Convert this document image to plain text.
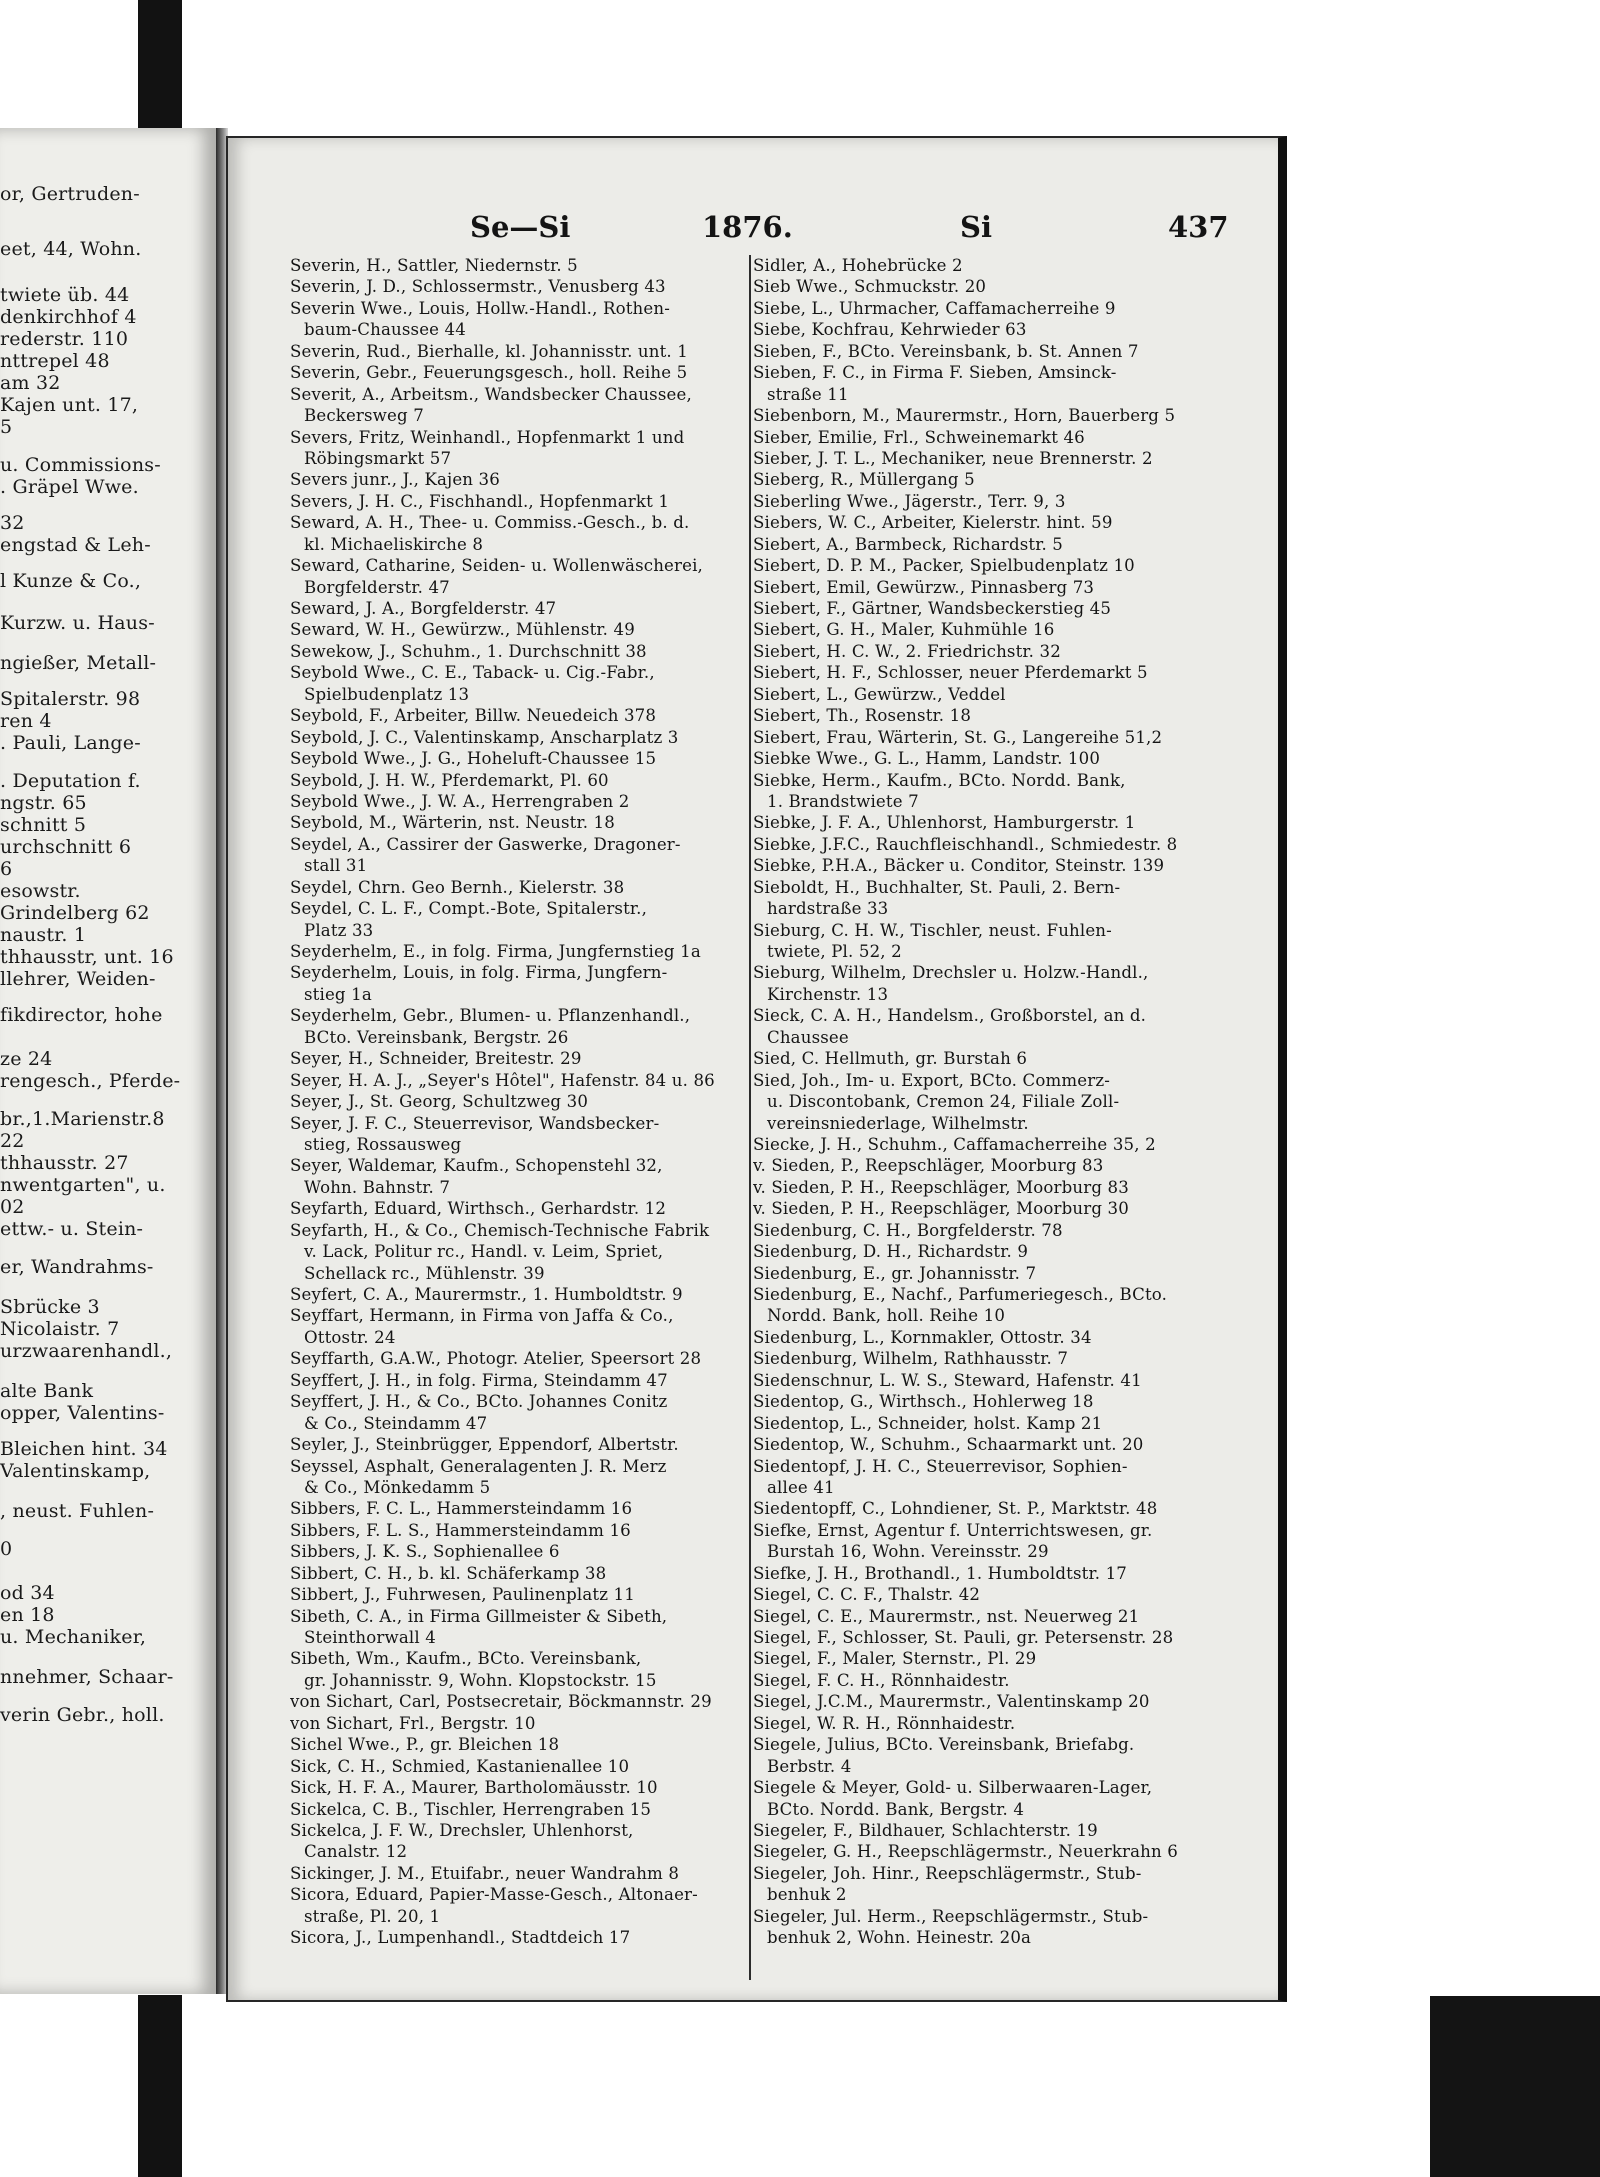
or, Gertruden-
eet, 44, Wohn.
twiete üb. 44
denkirchhof 4
rederstr. 110
nttrepel 48
am 32
Kajen unt. 17,
5
u. Commissions-
. Gräpel Wwe.
32
engstad & Leh-
l Kunze & Co.,
Kurzw. u. Haus-
ngießer, Metall-
Spitalerstr. 98
ren 4
. Pauli, Lange-
. Deputation f.
ngstr. 65
schnitt 5
urchschnitt 6
6
esowstr.
Grindelberg 62
naustr. 1
thhausstr, unt. 16
llehrer, Weiden-
fikdirector, hohe
ze 24
rengesch., Pferde-
br.,1.Marienstr.8
22
thhausstr. 27
nwentgarten", u.
02
ettw.- u. Stein-
er, Wandrahms-
Sbrücke 3
Nicolaistr. 7
urzwaarenhandl.,
alte Bank
opper, Valentins-
Bleichen hint. 34
Valentinskamp,
, neust. Fuhlen-
0
od 34
en 18
u. Mechaniker,
nnehmer, Schaar-
verin Gebr., holl.
Se—Si	1876.	Si	437
Severin, H., Sattler, Niedernstr. 5
Severin, J. D., Schlossermstr., Venusberg 43
Severin Wwe., Louis, Hollw.-Handl., Rothen-
baum-Chaussee 44
Severin, Rud., Bierhalle, kl. Johannisstr. unt. 1
Severin, Gebr., Feuerungsgesch., holl. Reihe 5
Severit, A., Arbeitsm., Wandsbecker Chaussee,
Beckersweg 7
Severs, Fritz, Weinhandl., Hopfenmarkt 1 und
Röbingsmarkt 57
Severs junr., J., Kajen 36
Severs, J. H. C., Fischhandl., Hopfenmarkt 1
Seward, A. H., Thee- u. Commiss.-Gesch., b. d.
kl. Michaeliskirche 8
Seward, Catharine, Seiden- u. Wollenwäscherei,
Borgfelderstr. 47
Seward, J. A., Borgfelderstr. 47
Seward, W. H., Gewürzw., Mühlenstr. 49
Sewekow, J., Schuhm., 1. Durchschnitt 38
Seybold Wwe., C. E., Taback- u. Cig.-Fabr.,
Spielbudenplatz 13
Seybold, F., Arbeiter, Billw. Neuedeich 378
Seybold, J. C., Valentinskamp, Anscharplatz 3
Seybold Wwe., J. G., Hoheluft-Chaussee 15
Seybold, J. H. W., Pferdemarkt, Pl. 60
Seybold Wwe., J. W. A., Herrengraben 2
Seybold, M., Wärterin, nst. Neustr. 18
Seydel, A., Cassirer der Gaswerke, Dragoner-
stall 31
Seydel, Chrn. Geo Bernh., Kielerstr. 38
Seydel, C. L. F., Compt.-Bote, Spitalerstr.,
Platz 33
Seyderhelm, E., in folg. Firma, Jungfernstieg 1a
Seyderhelm, Louis, in folg. Firma, Jungfern-
stieg 1a
Seyderhelm, Gebr., Blumen- u. Pflanzenhandl.,
BCto. Vereinsbank, Bergstr. 26
Seyer, H., Schneider, Breitestr. 29
Seyer, H. A. J., „Seyer's Hôtel", Hafenstr. 84 u. 86
Seyer, J., St. Georg, Schultzweg 30
Seyer, J. F. C., Steuerrevisor, Wandsbecker-
stieg, Rossausweg
Seyer, Waldemar, Kaufm., Schopenstehl 32,
Wohn. Bahnstr. 7
Seyfarth, Eduard, Wirthsch., Gerhardstr. 12
Seyfarth, H., & Co., Chemisch-Technische Fabrik
v. Lack, Politur rc., Handl. v. Leim, Spriet,
Schellack rc., Mühlenstr. 39
Seyfert, C. A., Maurermstr., 1. Humboldtstr. 9
Seyffart, Hermann, in Firma von Jaffa & Co.,
Ottostr. 24
Seyffarth, G.A.W., Photogr. Atelier, Speersort 28
Seyffert, J. H., in folg. Firma, Steindamm 47
Seyffert, J. H., & Co., BCto. Johannes Conitz
& Co., Steindamm 47
Seyler, J., Steinbrügger, Eppendorf, Albertstr.
Seyssel, Asphalt, Generalagenten J. R. Merz
& Co., Mönkedamm 5
Sibbers, F. C. L., Hammersteindamm 16
Sibbers, F. L. S., Hammersteindamm 16
Sibbers, J. K. S., Sophienallee 6
Sibbert, C. H., b. kl. Schäferkamp 38
Sibbert, J., Fuhrwesen, Paulinenplatz 11
Sibeth, C. A., in Firma Gillmeister & Sibeth,
Steinthorwall 4
Sibeth, Wm., Kaufm., BCto. Vereinsbank,
gr. Johannisstr. 9, Wohn. Klopstockstr. 15
von Sichart, Carl, Postsecretair, Böckmannstr. 29
von Sichart, Frl., Bergstr. 10
Sichel Wwe., P., gr. Bleichen 18
Sick, C. H., Schmied, Kastanienallee 10
Sick, H. F. A., Maurer, Bartholomäusstr. 10
Sickelca, C. B., Tischler, Herrengraben 15
Sickelca, J. F. W., Drechsler, Uhlenhorst,
Canalstr. 12
Sickinger, J. M., Etuifabr., neuer Wandrahm 8
Sicora, Eduard, Papier-Masse-Gesch., Altonaer-
straße, Pl. 20, 1
Sicora, J., Lumpenhandl., Stadtdeich 17
Sidler, A., Hohebrücke 2
Sieb Wwe., Schmuckstr. 20
Siebe, L., Uhrmacher, Caffamacherreihe 9
Siebe, Kochfrau, Kehrwieder 63
Sieben, F., BCto. Vereinsbank, b. St. Annen 7
Sieben, F. C., in Firma F. Sieben, Amsinck-
straße 11
Siebenborn, M., Maurermstr., Horn, Bauerberg 5
Sieber, Emilie, Frl., Schweinemarkt 46
Sieber, J. T. L., Mechaniker, neue Brennerstr. 2
Sieberg, R., Müllergang 5
Sieberling Wwe., Jägerstr., Terr. 9, 3
Siebers, W. C., Arbeiter, Kielerstr. hint. 59
Siebert, A., Barmbeck, Richardstr. 5
Siebert, D. P. M., Packer, Spielbudenplatz 10
Siebert, Emil, Gewürzw., Pinnasberg 73
Siebert, F., Gärtner, Wandsbeckerstieg 45
Siebert, G. H., Maler, Kuhmühle 16
Siebert, H. C. W., 2. Friedrichstr. 32
Siebert, H. F., Schlosser, neuer Pferdemarkt 5
Siebert, L., Gewürzw., Veddel
Siebert, Th., Rosenstr. 18
Siebert, Frau, Wärterin, St. G., Langereihe 51,2
Siebke Wwe., G. L., Hamm, Landstr. 100
Siebke, Herm., Kaufm., BCto. Nordd. Bank,
1. Brandstwiete 7
Siebke, J. F. A., Uhlenhorst, Hamburgerstr. 1
Siebke, J.F.C., Rauchfleischhandl., Schmiedestr. 8
Siebke, P.H.A., Bäcker u. Conditor, Steinstr. 139
Sieboldt, H., Buchhalter, St. Pauli, 2. Bern-
hardstraße 33
Sieburg, C. H. W., Tischler, neust. Fuhlen-
twiete, Pl. 52, 2
Sieburg, Wilhelm, Drechsler u. Holzw.-Handl.,
Kirchenstr. 13
Sieck, C. A. H., Handelsm., Großborstel, an d.
Chaussee
Sied, C. Hellmuth, gr. Burstah 6
Sied, Joh., Im- u. Export, BCto. Commerz-
u. Discontobank, Cremon 24, Filiale Zoll-
vereinsniederlage, Wilhelmstr.
Siecke, J. H., Schuhm., Caffamacherreihe 35, 2
v. Sieden, P., Reepschläger, Moorburg 83
v. Sieden, P. H., Reepschläger, Moorburg 83
v. Sieden, P. H., Reepschläger, Moorburg 30
Siedenburg, C. H., Borgfelderstr. 78
Siedenburg, D. H., Richardstr. 9
Siedenburg, E., gr. Johannisstr. 7
Siedenburg, E., Nachf., Parfumeriegesch., BCto.
Nordd. Bank, holl. Reihe 10
Siedenburg, L., Kornmakler, Ottostr. 34
Siedenburg, Wilhelm, Rathhausstr. 7
Siedenschnur, L. W. S., Steward, Hafenstr. 41
Siedentop, G., Wirthsch., Hohlerweg 18
Siedentop, L., Schneider, holst. Kamp 21
Siedentop, W., Schuhm., Schaarmarkt unt. 20
Siedentopf, J. H. C., Steuerrevisor, Sophien-
allee 41
Siedentopff, C., Lohndiener, St. P., Marktstr. 48
Siefke, Ernst, Agentur f. Unterrichtswesen, gr.
Burstah 16, Wohn. Vereinsstr. 29
Siefke, J. H., Brothandl., 1. Humboldtstr. 17
Siegel, C. C. F., Thalstr. 42
Siegel, C. E., Maurermstr., nst. Neuerweg 21
Siegel, F., Schlosser, St. Pauli, gr. Petersenstr. 28
Siegel, F., Maler, Sternstr., Pl. 29
Siegel, F. C. H., Rönnhaidestr.
Siegel, J.C.M., Maurermstr., Valentinskamp 20
Siegel, W. R. H., Rönnhaidestr.
Siegele, Julius, BCto. Vereinsbank, Briefabg.
Berbstr. 4
Siegele & Meyer, Gold- u. Silberwaaren-Lager,
BCto. Nordd. Bank, Bergstr. 4
Siegeler, F., Bildhauer, Schlachterstr. 19
Siegeler, G. H., Reepschlägermstr., Neuerkrahn 6
Siegeler, Joh. Hinr., Reepschlägermstr., Stub-
benhuk 2
Siegeler, Jul. Herm., Reepschlägermstr., Stub-
benhuk 2, Wohn. Heinestr. 20a
